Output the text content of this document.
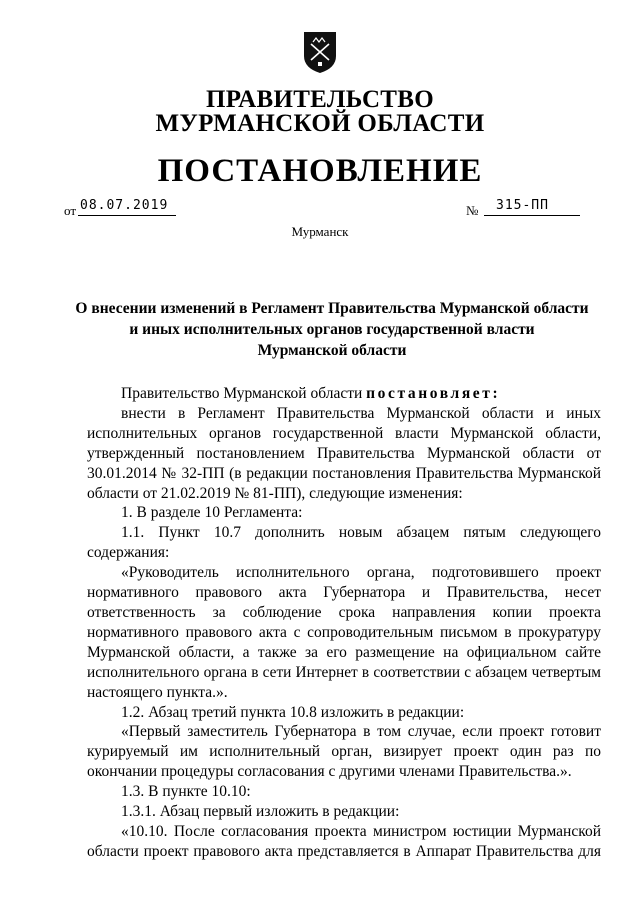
ПРАВИТЕЛЬСТВО
МУРМАНСКОЙ ОБЛАСТИ
ПОСТАНОВЛЕНИЕ
от 08.07.2019	№ 315-ПП
Мурманск
О внесении изменений в Регламент Правительства Мурманской области
и иных исполнительных органов государственной власти
Мурманской области
Правительство Мурманской области постановляет:
внести в Регламент Правительства Мурманской области и иных
исполнительных органов государственной власти Мурманской области,
утвержденный постановлением Правительства Мурманской области от
30.01.2014 № 32-ПП (в редакции постановления Правительства Мурманской
области от 21.02.2019 № 81-ПП), следующие изменения:
1. В разделе 10 Регламента:
1.1. Пункт 10.7 дополнить новым абзацем пятым следующего
содержания:
«Руководитель исполнительного органа, подготовившего проект
нормативного правового акта Губернатора и Правительства, несет
ответственность за соблюдение срока направления копии проекта
нормативного правового акта с сопроводительным письмом в прокуратуру
Мурманской области, а также за его размещение на официальном сайте
исполнительного органа в сети Интернет в соответствии с абзацем четвертым
настоящего пункта.».
1.2. Абзац третий пункта 10.8 изложить в редакции:
«Первый заместитель Губернатора в том случае, если проект готовит
курируемый им исполнительный орган, визирует проект один раз по
окончании процедуры согласования с другими членами Правительства.».
1.3. В пункте 10.10:
1.3.1. Абзац первый изложить в редакции:
«10.10. После согласования проекта министром юстиции Мурманской
области проект правового акта представляется в Аппарат Правительства для
